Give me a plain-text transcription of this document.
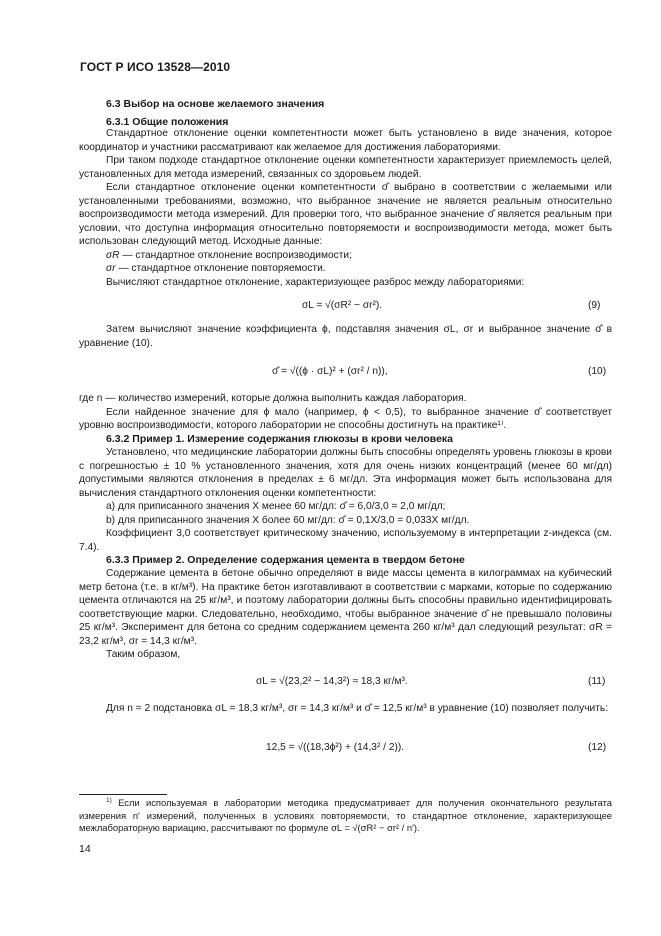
ГОСТ Р ИСО 13528—2010
6.3 Выбор на основе желаемого значения
6.3.1 Общие положения

Стандартное отклонение оценки компетентности может быть установлено в виде значения, которое координатор и участники рассматривают как желаемое для достижения лабораториями.

При таком подходе стандартное отклонение оценки компетентности характеризует приемлемость целей, установленных для метода измерений, связанных со здоровьем людей.

Если стандартное отклонение оценки компетентности σ̂ выбрано в соответствии с желаемыми или установленными требованиями, возможно, что выбранное значение не является реальным относительно воспроизводимости метода измерений. Для проверки того, что выбранное значение σ̂ является реальным при условии, что доступна информация относительно повторяемости и воспроизводимости метода, может быть использован следующий метод. Исходные данные:

σR — стандартное отклонение воспроизводимости;

σr — стандартное отклонение повторяемости.

Вычисляют стандартное отклонение, характеризующее разброс между лабораториями:

σL = √(σR² − σr²).	(9)

Затем вычисляют значение коэффициента ϕ, подставляя значения σL, σr и выбранное значение σ̂ в уравнение (10).

σ̂ = √((ϕ · σL)² + (σr² / n)),	(10)

где n — количество измерений, которые должна выполнить каждая лаборатория.

Если найденное значение для ϕ мало (например, ϕ < 0,5), то выбранное значение σ̂ соответствует уровню воспроизводимости, которого лаборатории не способны достигнуть на практике¹⁾.

6.3.2 Пример 1. Измерение содержания глюкозы в крови человека

Установлено, что медицинские лаборатории должны быть способны определять уровень глюкозы в крови с погрешностью ± 10 % установленного значения, хотя для очень низких концентраций (менее 60 мг/дл) допустимыми являются отклонения в пределах ± 6 мг/дл. Эта информация может быть использована для вычисления стандартного отклонения оценки компетентности:

а) для приписанного значения X менее 60 мг/дл: σ̂ = 6,0/3,0 = 2,0 мг/дл;

b) для приписанного значения X более 60 мг/дл: σ̂ = 0,1X/3,0 = 0,033X мг/дл.

Коэффициент 3,0 соответствует критическому значению, используемому в интерпретации z-индекса (см. 7.4).

6.3.3 Пример 2. Определение содержания цемента в твердом бетоне

Содержание цемента в бетоне обычно определяют в виде массы цемента в килограммах на кубический метр бетона (т.е. в кг/м³). На практике бетон изготавливают в соответствии с марками, которые по содержанию цемента отличаются на 25 кг/м³, и поэтому лаборатории должны быть способны правильно идентифицировать соответствующие марки. Следовательно, необходимо, чтобы выбранное значение σ̂ не превышало половины 25 кг/м³. Эксперимент для бетона со средним содержанием цемента 260 кг/м³ дал следующий результат: σR = 23,2 кг/м³, σr = 14,3 кг/м³.

Таким образом,

σL = √(23,2² − 14,3²) ≈ 18,3 кг/м³.	(11)

Для n = 2 подстановка σL = 18,3 кг/м³, σr = 14,3 кг/м³ и σ̂ = 12,5 кг/м³ в уравнение (10) позволяет получить:

12,5 = √((18,3ϕ²) + (14,3² / 2)).	(12)

$^{1)}$ Если используемая в лаборатории методика предусматривает для получения окончательного результата измерения n′ измерений, полученных в условиях повторяемости, то стандартное отклонение, характеризующее межлабораторную вариацию, рассчитывают по формуле σL = √(σR² − σr² / n′).

14
